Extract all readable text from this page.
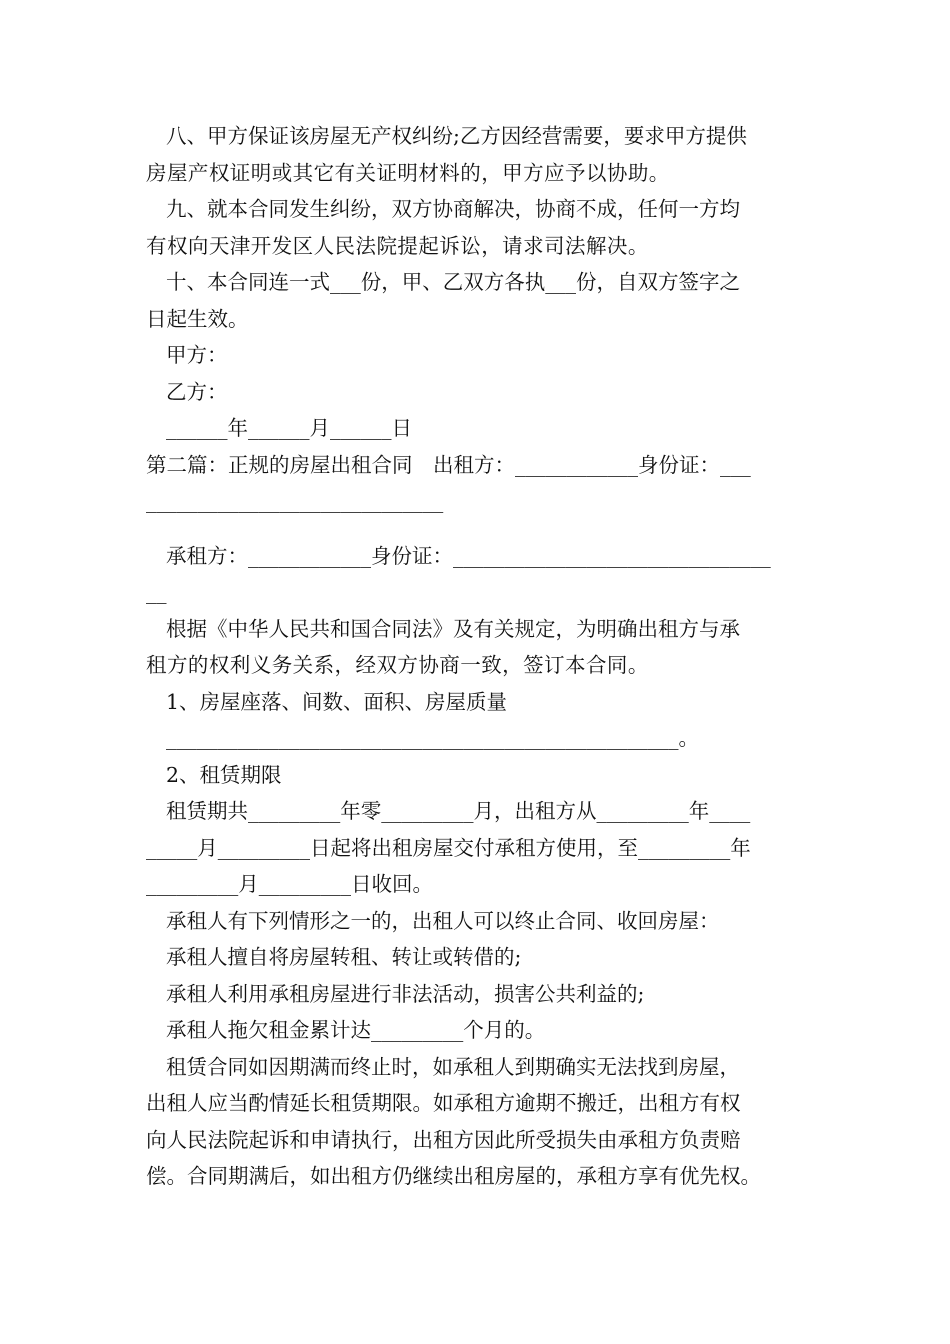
八、甲方保证该房屋无产权纠纷;乙方因经营需要，要求甲方提供
房屋产权证明或其它有关证明材料的，甲方应予以协助。
九、就本合同发生纠纷，双方协商解决，协商不成，任何一方均
有权向天津开发区人民法院提起诉讼，请求司法解决。
十、本合同连一式___份，甲、乙双方各执___份，自双方签字之
日起生效。
甲方：
乙方：
______年______月______日
第二篇：正规的房屋出租合同　出租方：____________身份证：___
_____________________________
承租方：____________身份证：_______________________________
__
根据《中华人民共和国合同法》及有关规定，为明确出租方与承
租方的权利义务关系，经双方协商一致，签订本合同。
1、房屋座落、间数、面积、房屋质量
__________________________________________________。
2、租赁期限
租赁期共_________年零_________月，出租方从_________年____
_____月_________日起将出租房屋交付承租方使用，至_________年
_________月_________日收回。
承租人有下列情形之一的，出租人可以终止合同、收回房屋：
承租人擅自将房屋转租、转让或转借的;
承租人利用承租房屋进行非法活动，损害公共利益的;
承租人拖欠租金累计达_________个月的。
租赁合同如因期满而终止时，如承租人到期确实无法找到房屋，
出租人应当酌情延长租赁期限。如承租方逾期不搬迁，出租方有权
向人民法院起诉和申请执行，出租方因此所受损失由承租方负责赔
偿。合同期满后，如出租方仍继续出租房屋的，承租方享有优先权。
